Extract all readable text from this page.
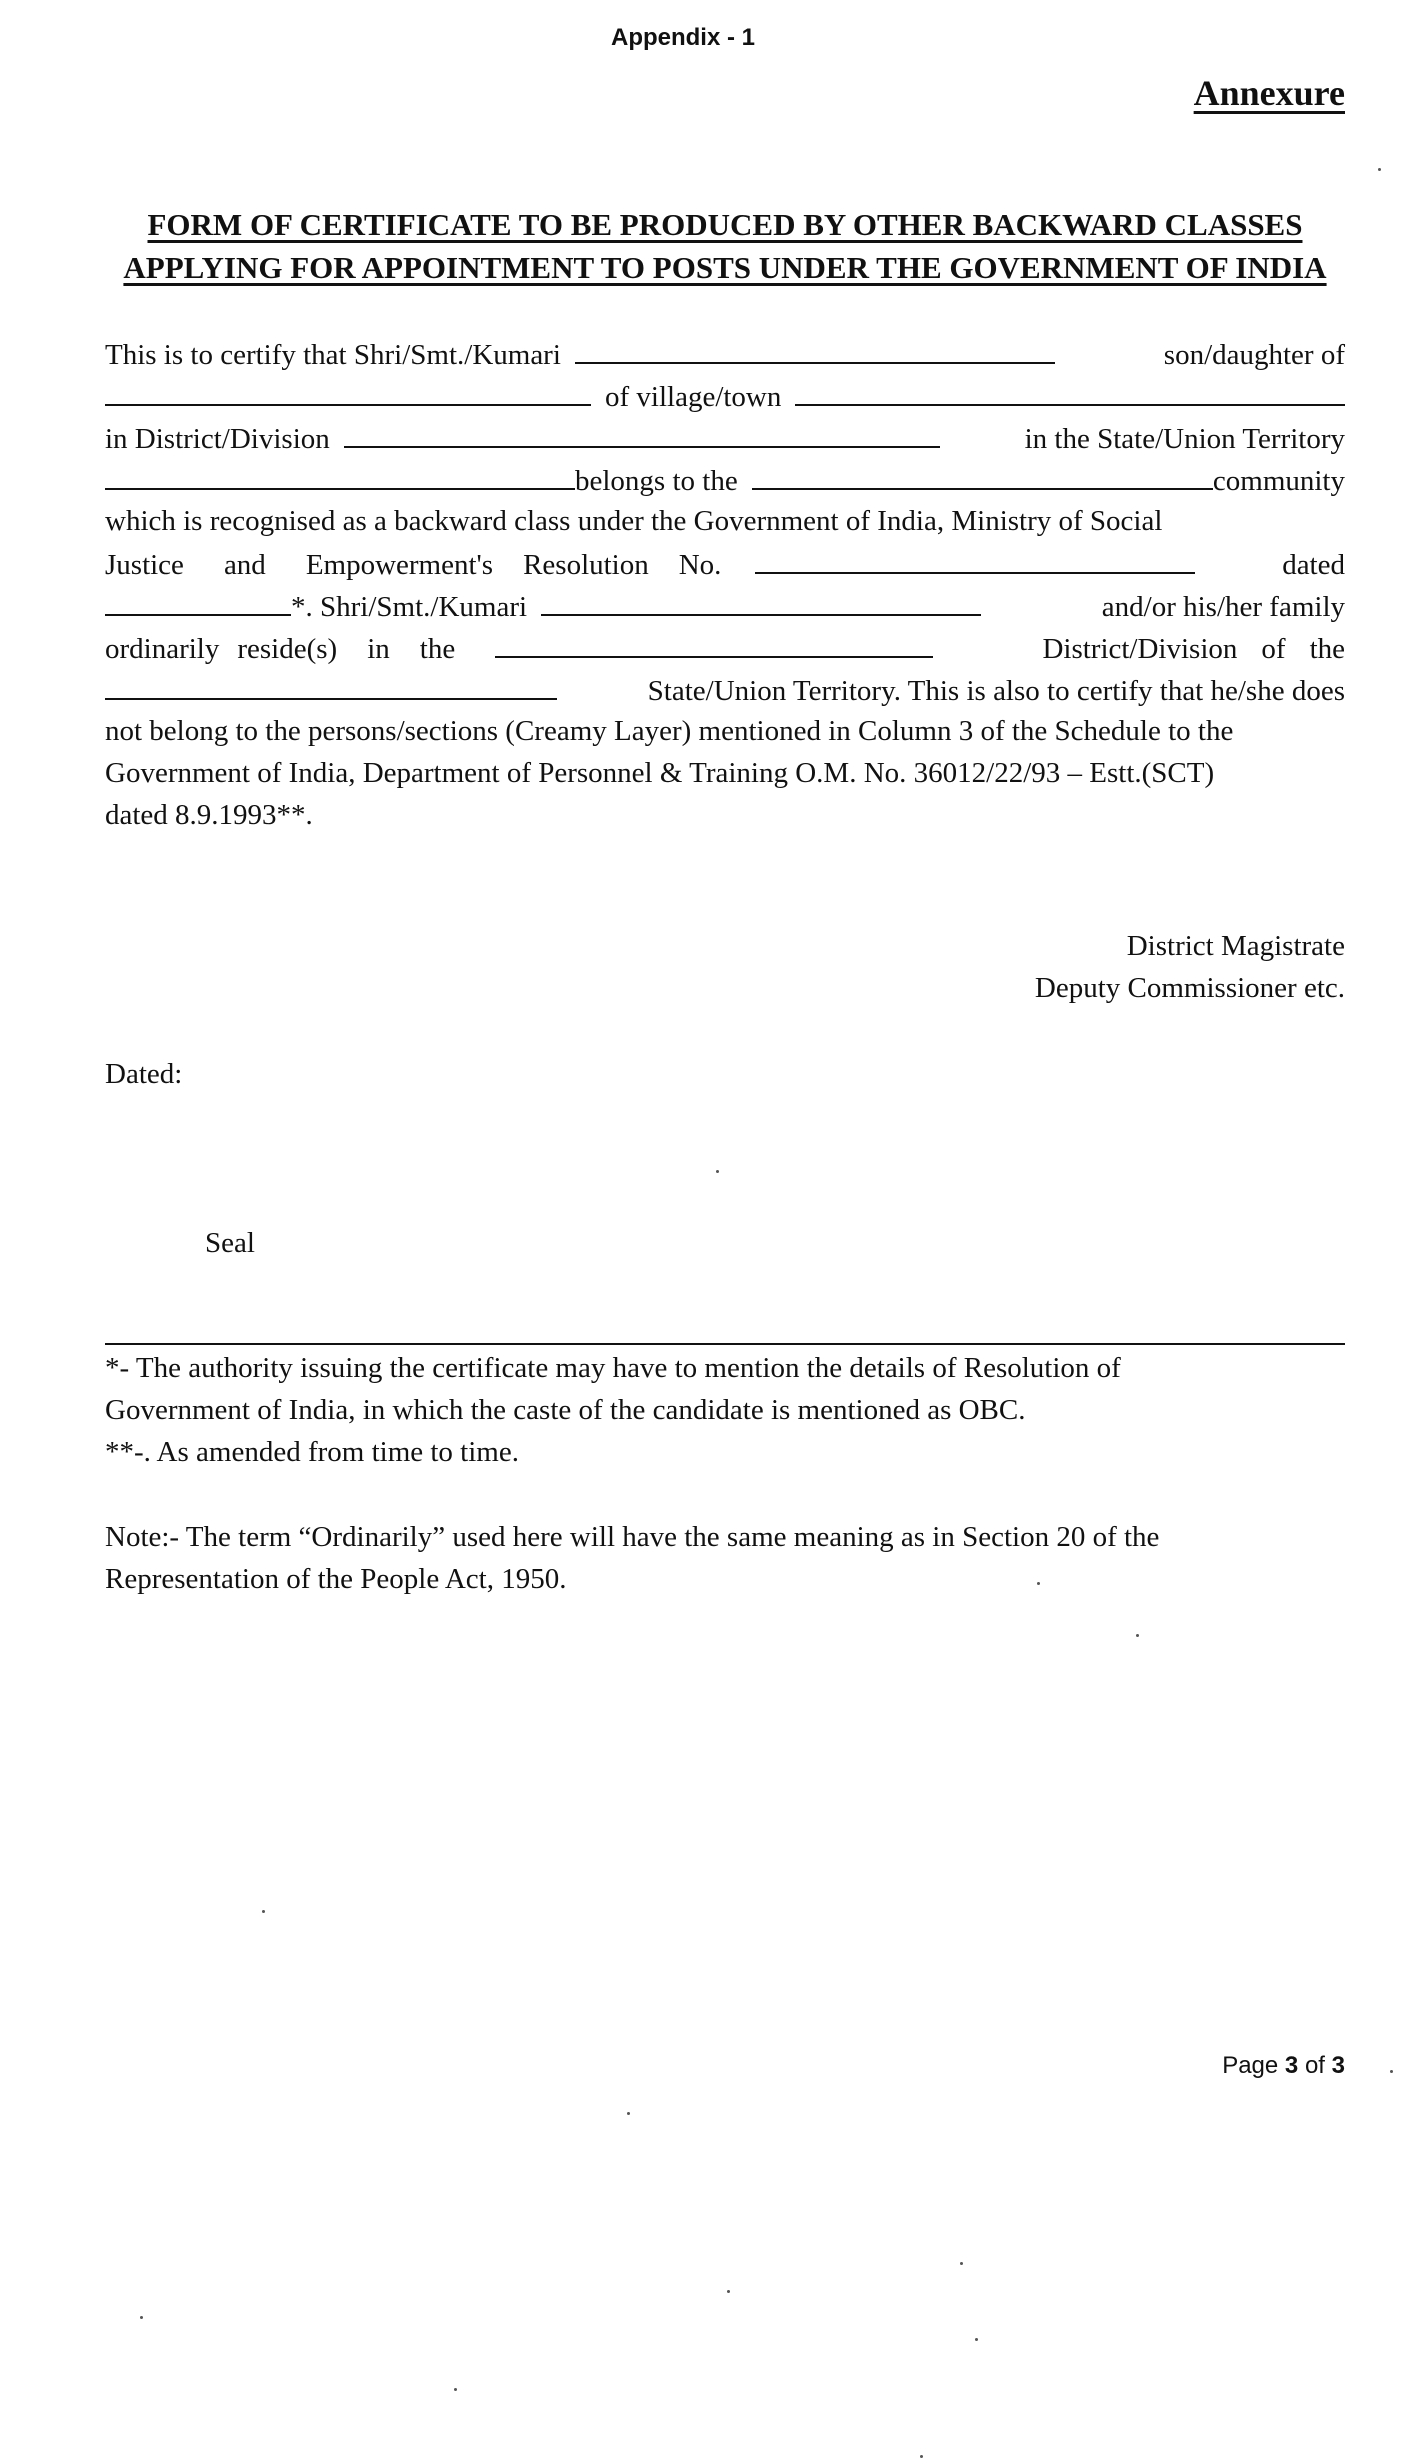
Appendix - 1
Annexure
FORM OF CERTIFICATE TO BE PRODUCED BY OTHER BACKWARD CLASSES
APPLYING FOR APPOINTMENT TO POSTS UNDER THE GOVERNMENT OF INDIA
This is to certify that Shri/Smt./Kumari	son/daughter of
of village/town
in District/Division	in the State/Union Territory
belongs to the	community
which is recognised as a backward class under the Government of India, Ministry of Social
Justice and Empowerment's Resolution No.	dated
*. Shri/Smt./Kumari	and/or his/her family
ordinarily reside(s) in the	District/Division of the
State/Union Territory. This is also to certify that he/she does
not belong to the persons/sections (Creamy Layer) mentioned in Column 3 of the Schedule to the
Government of India, Department of Personnel & Training O.M. No. 36012/22/93 – Estt.(SCT)
dated 8.9.1993**.
District Magistrate
Deputy Commissioner etc.
Dated:
Seal
*- The authority issuing the certificate may have to mention the details of Resolution of
Government of India, in which the caste of the candidate is mentioned as OBC.
**-. As amended from time to time.
Note:- The term “Ordinarily” used here will have the same meaning as in Section 20 of the
Representation of the People Act, 1950.
Page 3 of 3
